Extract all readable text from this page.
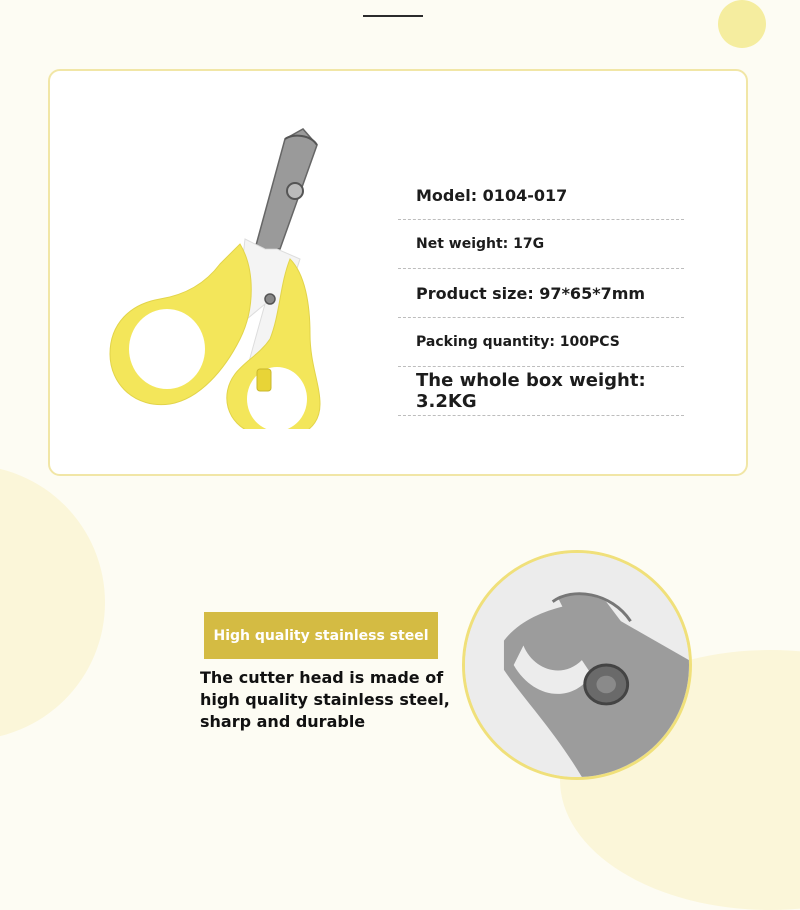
Model: 0104-017
Net weight: 17G
Product size: 97*65*7mm
Packing quantity: 100PCS
The whole box weight: 3.2KG
High quality stainless steel
The cutter head is made of high quality stainless steel, sharp and durable
